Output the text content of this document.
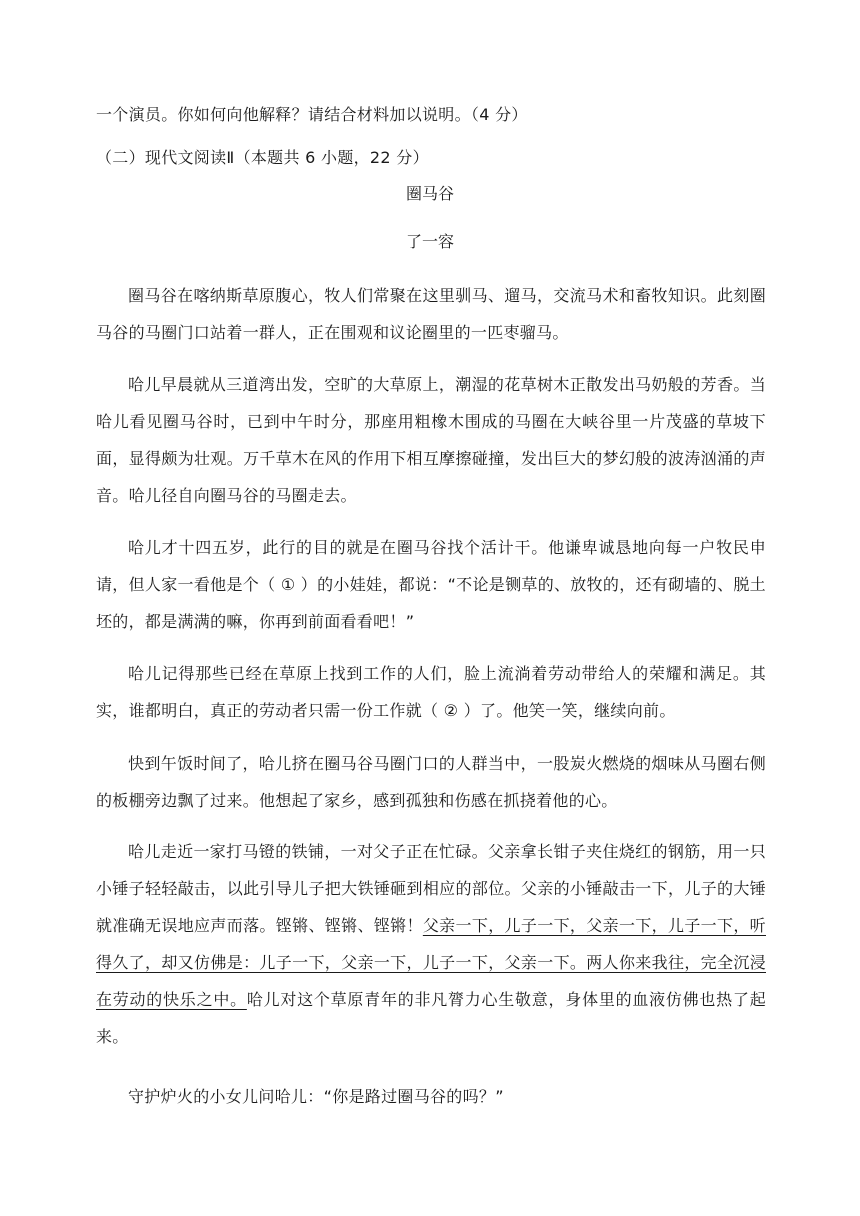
一个演员。你如何向他解释？请结合材料加以说明。（4 分）
（二）现代文阅读Ⅱ（本题共 6 小题，22 分）
圈马谷
了一容
圈马谷在喀纳斯草原腹心，牧人们常聚在这里驯马、遛马，交流马术和畜牧知识。此刻圈马谷的马圈门口站着一群人，正在围观和议论圈里的一匹枣骝马。
哈儿早晨就从三道湾出发，空旷的大草原上，潮湿的花草树木正散发出马奶般的芳香。当哈儿看见圈马谷时，已到中午时分，那座用粗橡木围成的马圈在大峡谷里一片茂盛的草坡下面，显得颇为壮观。万千草木在风的作用下相互摩擦碰撞，发出巨大的梦幻般的波涛汹涌的声音。哈儿径自向圈马谷的马圈走去。
哈儿才十四五岁，此行的目的就是在圈马谷找个活计干。他谦卑诚恳地向每一户牧民申请，但人家一看他是个（ ① ）的小娃娃，都说：“不论是铡草的、放牧的，还有砌墙的、脱土坯的，都是满满的嘛，你再到前面看看吧！”
哈儿记得那些已经在草原上找到工作的人们，脸上流淌着劳动带给人的荣耀和满足。其实，谁都明白，真正的劳动者只需一份工作就（ ② ）了。他笑一笑，继续向前。
快到午饭时间了，哈儿挤在圈马谷马圈门口的人群当中，一股炭火燃烧的烟味从马圈右侧的板棚旁边飘了过来。他想起了家乡，感到孤独和伤感在抓挠着他的心。
哈儿走近一家打马镫的铁铺，一对父子正在忙碌。父亲拿长钳子夹住烧红的钢筋，用一只小锤子轻轻敲击，以此引导儿子把大铁锤砸到相应的部位。父亲的小锤敲击一下，儿子的大锤就准确无误地应声而落。铿锵、铿锵、铿锵！父亲一下，儿子一下，父亲一下，儿子一下，听得久了，却又仿佛是：儿子一下，父亲一下，儿子一下，父亲一下。两人你来我往，完全沉浸在劳动的快乐之中。哈儿对这个草原青年的非凡膂力心生敬意，身体里的血液仿佛也热了起来。
守护炉火的小女儿问哈儿：“你是路过圈马谷的吗？”
